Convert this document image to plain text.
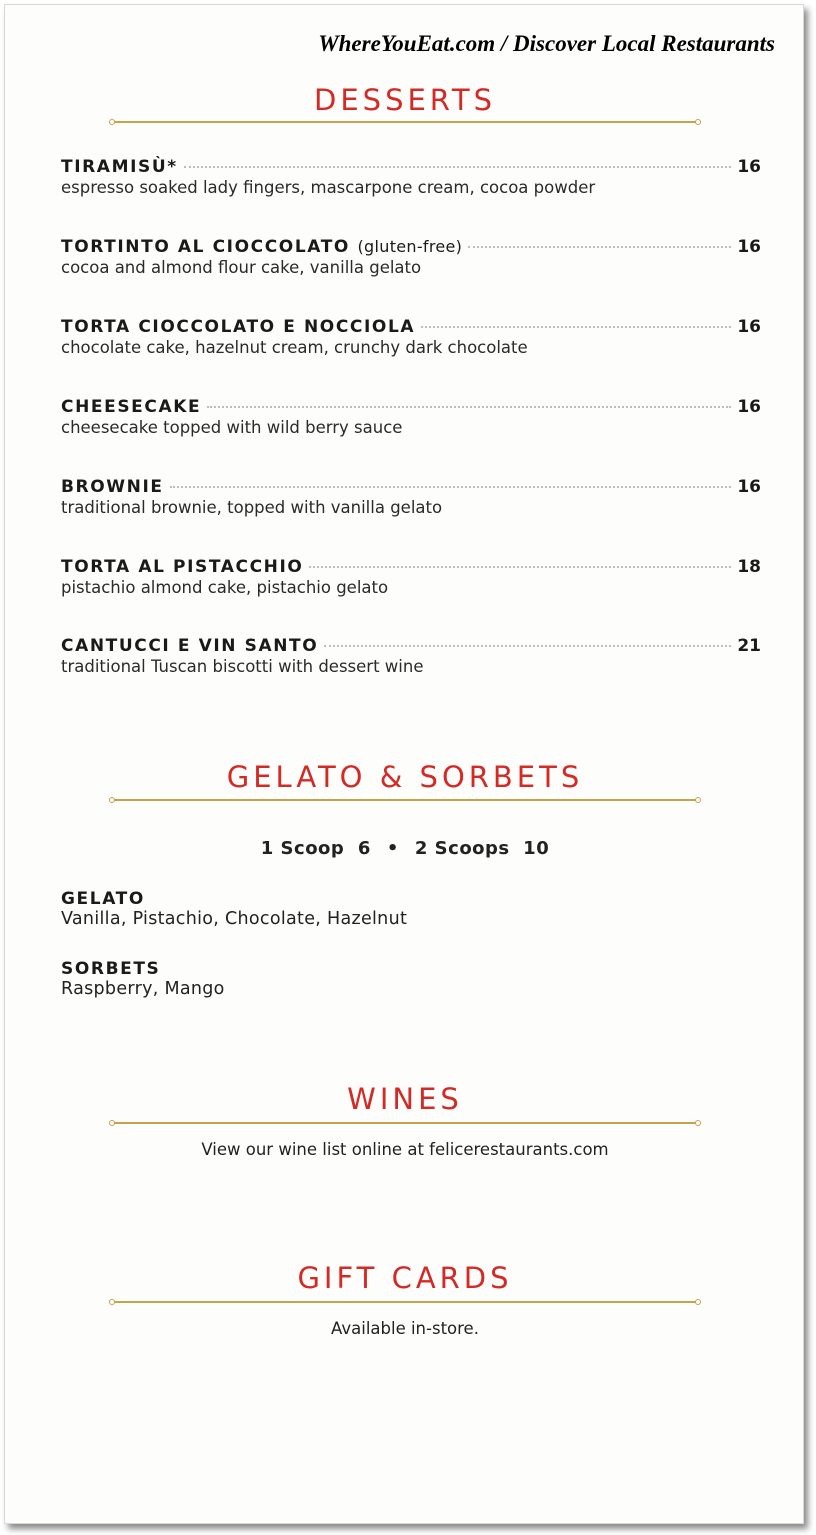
WhereYouEat.com / Discover Local Restaurants
DESSERTS
TIRAMISÙ*	16
espresso soaked lady fingers, mascarpone cream, cocoa powder
TORTINTO AL CIOCCOLATO (gluten-free)	16
cocoa and almond flour cake, vanilla gelato
TORTA CIOCCOLATO E NOCCIOLA	16
chocolate cake, hazelnut cream, crunchy dark chocolate
CHEESECAKE	16
cheesecake topped with wild berry sauce
BROWNIE	16
traditional brownie, topped with vanilla gelato
TORTA AL PISTACCHIO	18
pistachio almond cake, pistachio gelato
CANTUCCI E VIN SANTO	21
traditional Tuscan biscotti with dessert wine
GELATO & SORBETS
1 Scoop  6 • 2 Scoops  10
GELATO
Vanilla, Pistachio, Chocolate, Hazelnut
SORBETS
Raspberry, Mango
WINES
View our wine list online at felicerestaurants.com
GIFT CARDS
Available in-store.
